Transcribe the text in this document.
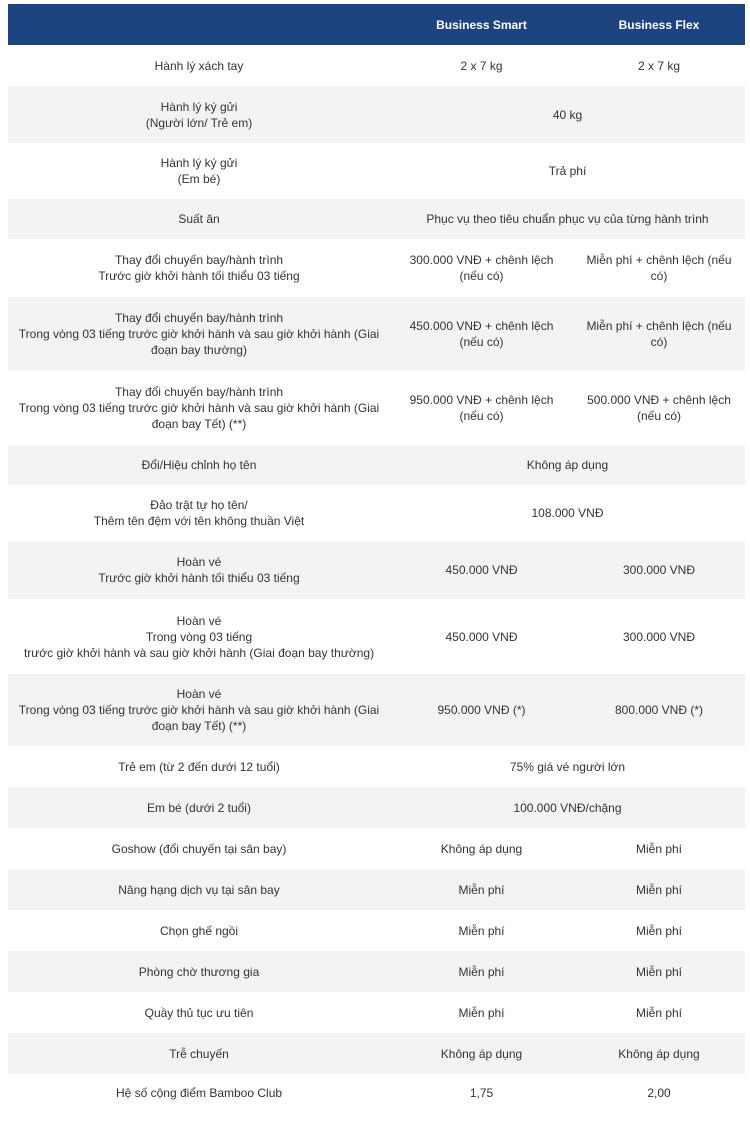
	Business Smart	Business Flex

Hành lý xách tay	2 x 7 kg	2 x 7 kg

Hành lý ký gửi
(Người lớn/ Trẻ em)	40 kg	

Hành lý ký gửi
(Em bé)	Trả phí	

Suất ăn	Phục vụ theo tiêu chuẩn phục vụ của từng hành trình	

Thay đổi chuyến bay/hành trình
Trước giờ khởi hành tối thiểu 03 tiếng	300.000 VNĐ + chênh lệch (nếu có)	Miễn phí + chênh lệch (nếu có)

Thay đổi chuyến bay/hành trình
Trong vòng 03 tiếng trước giờ khởi hành và sau giờ khởi hành (Giai đoạn bay thường)	450.000 VNĐ + chênh lệch (nếu có)	Miễn phí + chênh lệch (nếu có)

Thay đổi chuyến bay/hành trình
Trong vòng 03 tiếng trước giờ khởi hành và sau giờ khởi hành (Giai đoạn bay Tết) (**)	950.000 VNĐ + chênh lệch (nếu có)	500.000 VNĐ + chênh lệch (nếu có)

Đổi/Hiệu chỉnh họ tên	Không áp dụng	

Đảo trật tự họ tên/
Thêm tên đệm với tên không thuần Việt	108.000 VNĐ	

Hoàn vé
Trước giờ khởi hành tối thiểu 03 tiếng	450.000 VNĐ	300.000 VNĐ

Hoàn vé
Trong vòng 03 tiếng
trước giờ khởi hành và sau giờ khởi hành (Giai đoạn bay thường)	450.000 VNĐ	300.000 VNĐ

Hoàn vé
Trong vòng 03 tiếng trước giờ khởi hành và sau giờ khởi hành (Giai đoạn bay Tết) (**)	950.000 VNĐ (*)	800.000 VNĐ (*)

Trẻ em (từ 2 đến dưới 12 tuổi)	75% giá vé người lớn	

Em bé (dưới 2 tuổi)	100.000 VNĐ/chặng	

Goshow (đổi chuyến tại sân bay)	Không áp dụng	Miễn phí

Nâng hạng dịch vụ tại sân bay	Miễn phí	Miễn phí

Chọn ghế ngồi	Miễn phí	Miễn phí

Phòng chờ thương gia	Miễn phí	Miễn phí

Quầy thủ tục ưu tiên	Miễn phí	Miễn phí

Trễ chuyến	Không áp dụng	Không áp dụng

Hệ số cộng điểm Bamboo Club	1,75	2,00
